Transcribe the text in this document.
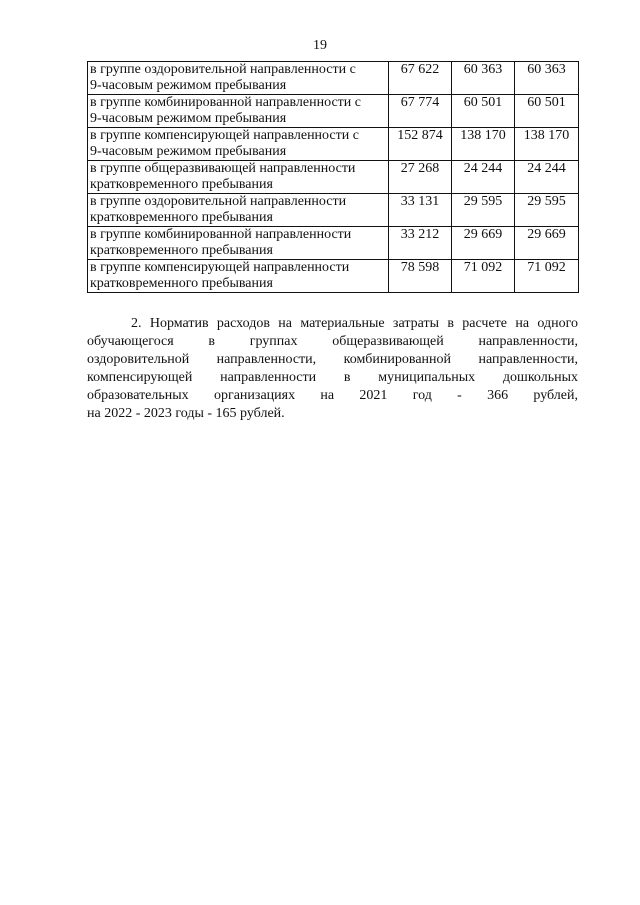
19
в группе оздоровительной направленности с
9-часовым режимом пребывания	67 622	60 363	60 363
в группе комбинированной направленности с
9-часовым режимом пребывания	67 774	60 501	60 501
в группе компенсирующей направленности с
9-часовым режимом пребывания	152 874	138 170	138 170
в группе общеразвивающей направленности
кратковременного пребывания	27 268	24 244	24 244
в группе оздоровительной направленности
кратковременного пребывания	33 131	29 595	29 595
в группе комбинированной направленности
кратковременного пребывания	33 212	29 669	29 669
в группе компенсирующей направленности
кратковременного пребывания	78 598	71 092	71 092

2. Норматив расходов на материальные затраты в расчете на одного
обучающегося в группах общеразвивающей направленности,
оздоровительной направленности, комбинированной направленности,
компенсирующей направленности в муниципальных дошкольных
образовательных организациях на 2021 год - 366 рублей,
на 2022 - 2023 годы - 165 рублей.
